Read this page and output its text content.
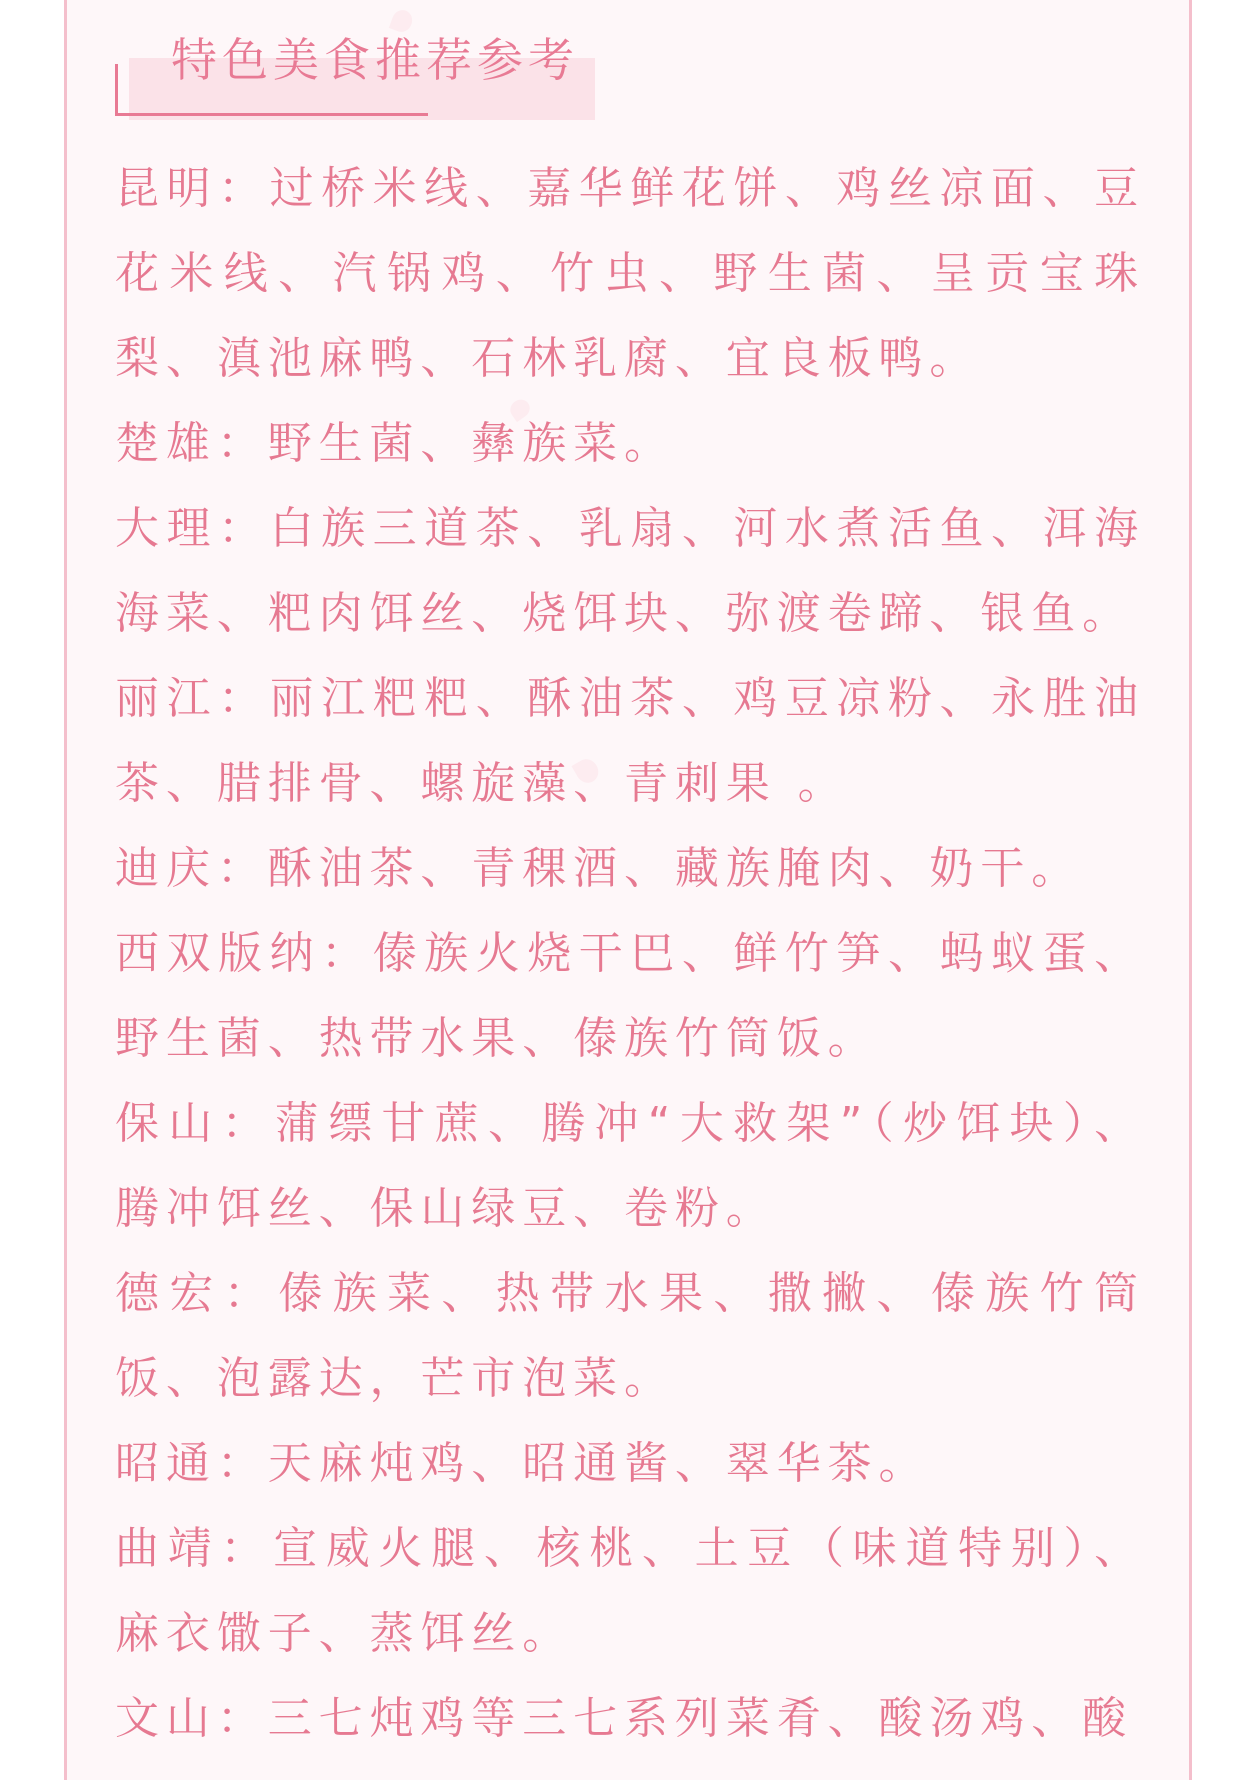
特色美食推荐参考
昆明：过桥米线、嘉华鲜花饼、鸡丝凉面、豆花米线、汽锅鸡、竹虫、野生菌、呈贡宝珠梨、滇池麻鸭、石林乳腐、宜良板鸭。
楚雄：野生菌、彝族菜。
大理：白族三道茶、乳扇、河水煮活鱼、洱海海菜、粑肉饵丝、烧饵块、弥渡卷蹄、银鱼。
丽江：丽江粑粑、酥油茶、鸡豆凉粉、永胜油茶、腊排骨、螺旋藻、青刺果 。
迪庆：酥油茶、青稞酒、藏族腌肉、奶干。
西双版纳：傣族火烧干巴、鲜竹笋、蚂蚁蛋、野生菌、热带水果、傣族竹筒饭。
保山：蒲缥甘蔗、腾冲“大救架”（炒饵块）、腾冲饵丝、保山绿豆、卷粉。
德宏：傣族菜、热带水果、撒撇、傣族竹筒饭、泡露达，芒市泡菜。
昭通：天麻炖鸡、昭通酱、翠华茶。
曲靖：宣威火腿、核桃、土豆（味道特别）、麻衣馓子、蒸饵丝。
文山：三七炖鸡等三七系列菜肴、酸汤鸡、酸
